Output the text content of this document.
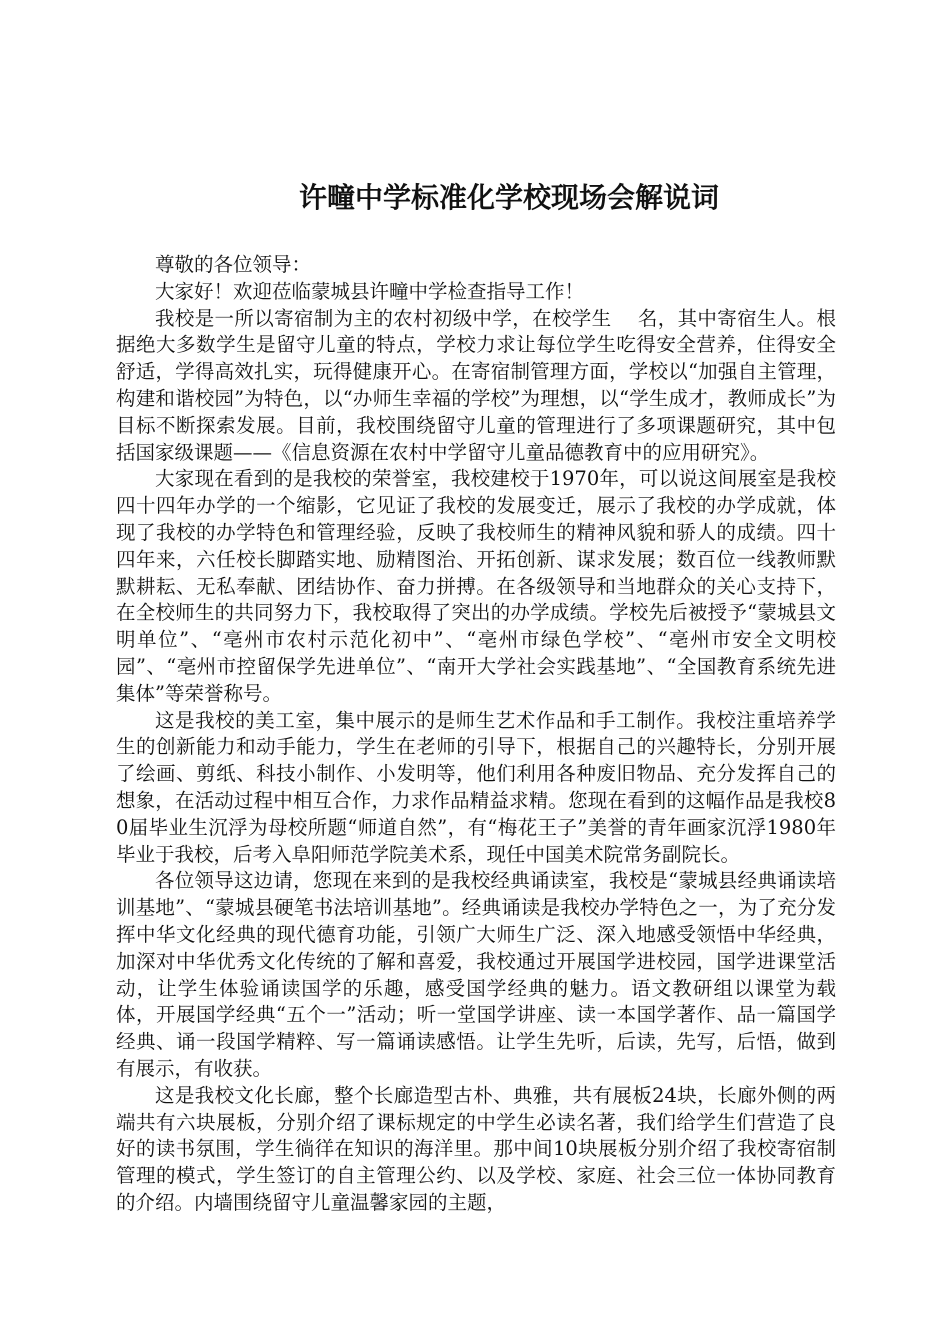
许疃中学标准化学校现场会解说词

尊敬的各位领导：

大家好！欢迎莅临蒙城县许疃中学检查指导工作！

我校是一所以寄宿制为主的农村初级中学，在校学生　 名，其中寄宿生人。根据绝大多数学生是留守儿童的特点，学校力求让每位学生吃得安全营养，住得安全舒适，学得高效扎实，玩得健康开心。在寄宿制管理方面，学校以“加强自主管理，构建和谐校园”为特色，以“办师生幸福的学校”为理想，以“学生成才，教师成长”为目标不断探索发展。目前，我校围绕留守儿童的管理进行了多项课题研究，其中包括国家级课题——《信息资源在农村中学留守儿童品德教育中的应用研究》。

大家现在看到的是我校的荣誉室，我校建校于1970年，可以说这间展室是我校四十四年办学的一个缩影，它见证了我校的发展变迁，展示了我校的办学成就，体现了我校的办学特色和管理经验，反映了我校师生的精神风貌和骄人的成绩。四十四年来，六任校长脚踏实地、励精图治、开拓创新、谋求发展；数百位一线教师默默耕耘、无私奉献、团结协作、奋力拼搏。在各级领导和当地群众的关心支持下，在全校师生的共同努力下，我校取得了突出的办学成绩。学校先后被授予“蒙城县文明单位”、“亳州市农村示范化初中”、“亳州市绿色学校”、“亳州市安全文明校园”、“亳州市控留保学先进单位”、“南开大学社会实践基地”、“全国教育系统先进集体”等荣誉称号。

这是我校的美工室，集中展示的是师生艺术作品和手工制作。我校注重培养学生的创新能力和动手能力，学生在老师的引导下，根据自己的兴趣特长，分别开展了绘画、剪纸、科技小制作、小发明等，他们利用各种废旧物品、充分发挥自己的想象，在活动过程中相互合作，力求作品精益求精。您现在看到的这幅作品是我校80届毕业生沉浮为母校所题“师道自然”，有“梅花王子”美誉的青年画家沉浮1980年毕业于我校，后考入阜阳师范学院美术系，现任中国美术院常务副院长。

各位领导这边请，您现在来到的是我校经典诵读室，我校是“蒙城县经典诵读培训基地”、“蒙城县硬笔书法培训基地”。经典诵读是我校办学特色之一，为了充分发挥中华文化经典的现代德育功能，引领广大师生广泛、深入地感受领悟中华经典，加深对中华优秀文化传统的了解和喜爱，我校通过开展国学进校园，国学进课堂活动，让学生体验诵读国学的乐趣，感受国学经典的魅力。语文教研组以课堂为载体，开展国学经典“五个一”活动；听一堂国学讲座、读一本国学著作、品一篇国学经典、诵一段国学精粹、写一篇诵读感悟。让学生先听，后读，先写，后悟，做到有展示，有收获。

这是我校文化长廊，整个长廊造型古朴、典雅，共有展板24块，长廊外侧的两端共有六块展板，分别介绍了课标规定的中学生必读名著，我们给学生们营造了良好的读书氛围，学生徜徉在知识的海洋里。那中间10块展板分别介绍了我校寄宿制管理的模式，学生签订的自主管理公约、以及学校、家庭、社会三位一体协同教育的介绍。内墙围绕留守儿童温馨家园的主题，
